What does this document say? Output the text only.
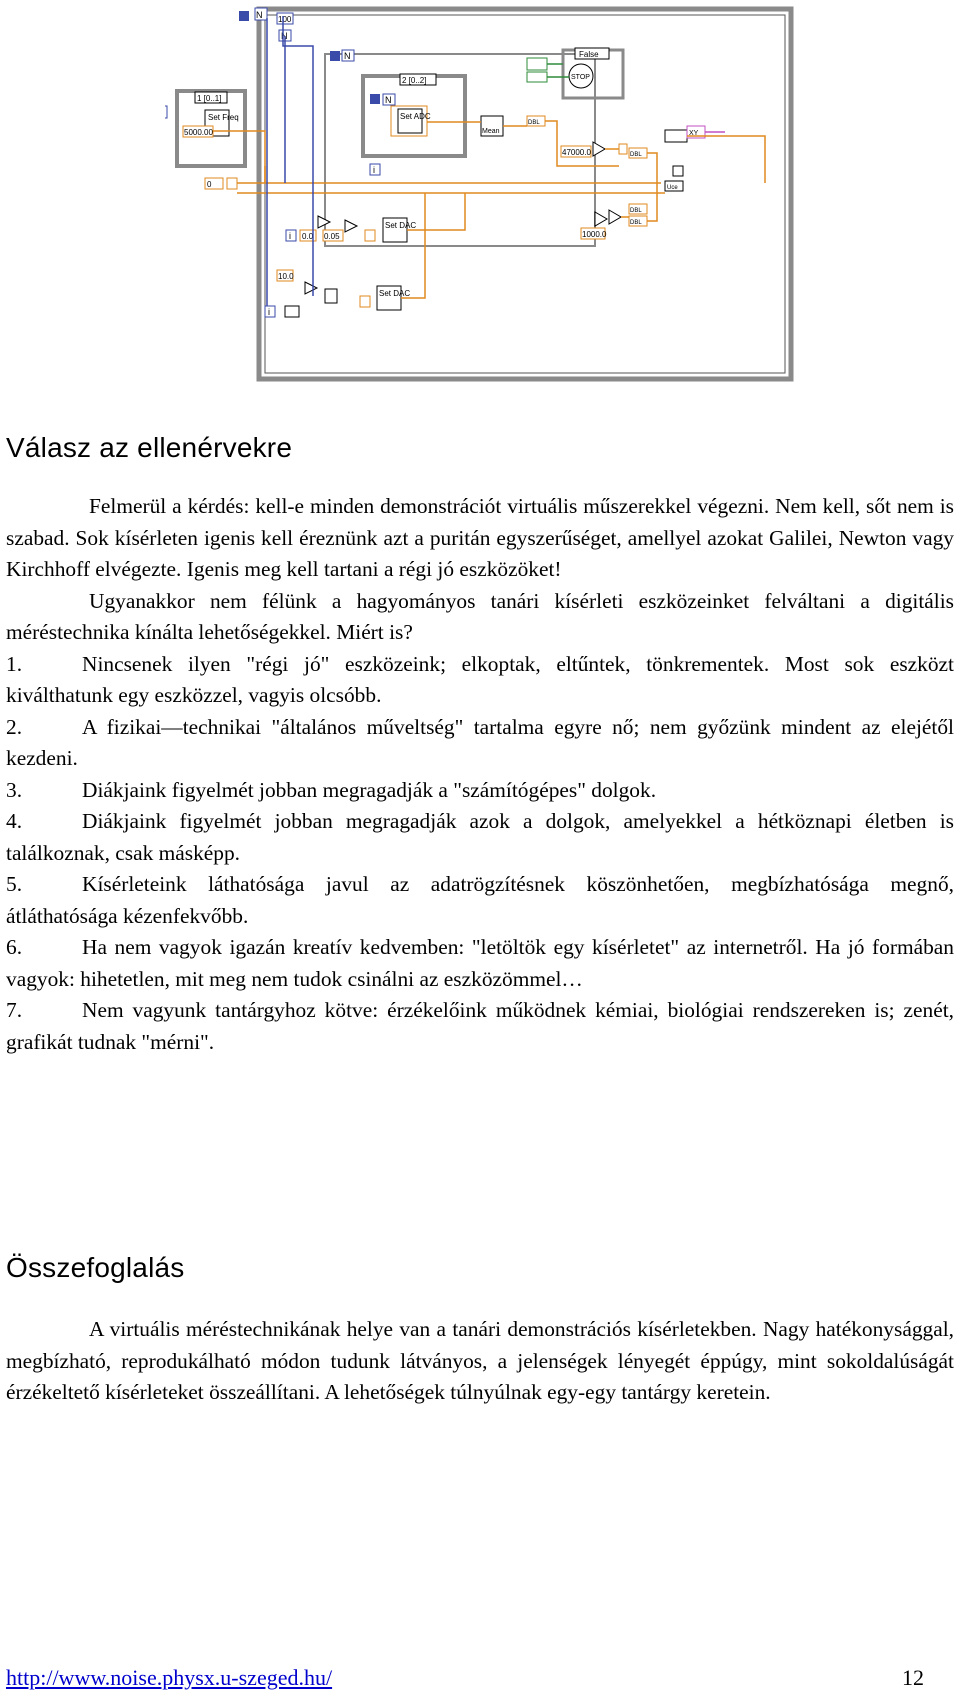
N 100
N
1 [0..1]
Set Freq
5000.00
N
2 [0..2]
N
Set ADC
Mean
i
False
STOP
DBL
47000.0	DBL
1000.0
DBL
DBL
XY
Uce
i 0.0 0.05
Set DAC
10.0
i
Set DAC
0
Válasz az ellenérvekre

Felmerül a kérdés: kell-e minden demonstrációt virtuális műszerekkel végezni. Nem kell, sőt nem is szabad. Sok kísérleten igenis kell éreznünk azt a puritán egyszerűséget, amellyel azokat Galilei, Newton vagy Kirchhoff elvégezte. Igenis meg kell tartani a régi jó eszközöket!

Ugyanakkor nem félünk a hagyományos tanári kísérleti eszközeinket felváltani a digitális méréstechnika kínálta lehetőségekkel. Miért is?

1.	Nincsenek ilyen "régi jó" eszközeink; elkoptak, eltűntek, tönkrementek. Most sok eszközt kiválthatunk egy eszközzel, vagyis olcsóbb.

2.	A fizikai—technikai "általános műveltség" tartalma egyre nő; nem győzünk mindent az elejétől kezdeni.

3.	Diákjaink figyelmét jobban megragadják a "számítógépes" dolgok.

4.	Diákjaink figyelmét jobban megragadják azok a dolgok, amelyekkel a hétköznapi életben is találkoznak, csak másképp.

5.	Kísérleteink láthatósága javul az adatrögzítésnek köszönhetően, megbízhatósága megnő, átláthatósága kézenfekvőbb.

6.	Ha nem vagyok igazán kreatív kedvemben: "letöltök egy kísérletet" az internetről. Ha jó formában vagyok: hihetetlen, mit meg nem tudok csinálni az eszközömmel…

7.	Nem vagyunk tantárgyhoz kötve: érzékelőink működnek kémiai, biológiai rendszereken is; zenét, grafikát tudnak "mérni".

Összefoglalás

A virtuális méréstechnikának helye van a tanári demonstrációs kísérletekben. Nagy hatékonysággal, megbízható, reprodukálható módon tudunk látványos, a jelenségek lényegét éppúgy, mint sokoldalúságát érzékeltető kísérleteket összeállítani. A lehetőségek túlnyúlnak egy-egy tantárgy keretein.

http://www.noise.physx.u-szeged.hu/	12
